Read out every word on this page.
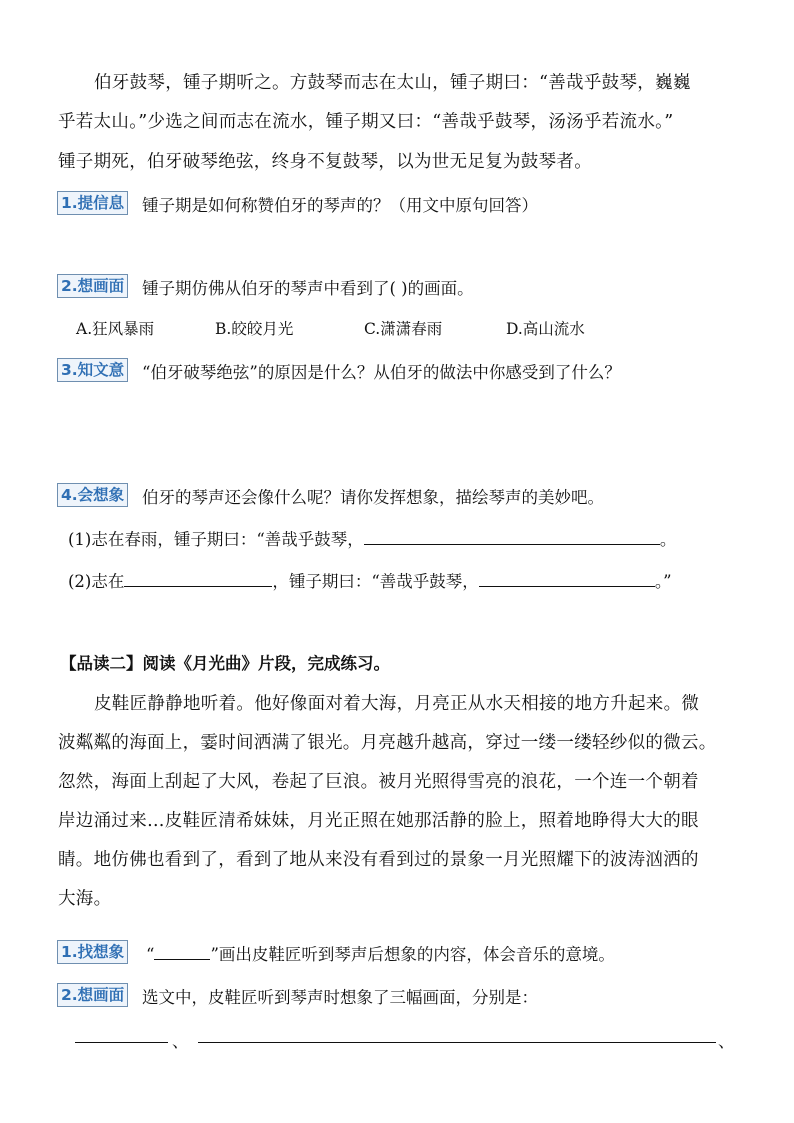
伯牙鼓琴，锺子期听之。方鼓琴而志在太山，锺子期曰：“善哉乎鼓琴，巍巍
乎若太山。”少选之间而志在流水，锺子期又曰：“善哉乎鼓琴，汤汤乎若流水。”
锺子期死，伯牙破琴绝弦，终身不复鼓琴，以为世无足复为鼓琴者。
1.提信息 锺子期是如何称赞伯牙的琴声的？（用文中原句回答）
2.想画面 锺子期仿佛从伯牙的琴声中看到了( )的画面。
A.狂风暴雨	B.皎皎月光	C.潇潇春雨	D.高山流水
3.知文意 “伯牙破琴绝弦”的原因是什么？从伯牙的做法中你感受到了什么？
4.会想象 伯牙的琴声还会像什么呢？请你发挥想象，描绘琴声的美妙吧。
(1)志在春雨，锺子期曰：“善哉乎鼓琴，	。
(2)志在	，锺子期曰：“善哉乎鼓琴，	。”
【品读二】阅读《月光曲》片段，完成练习。
皮鞋匠静静地听着。他好像面对着大海，月亮正从水天相接的地方升起来。微
波粼粼的海面上，霎时间洒满了银光。月亮越升越高，穿过一缕一缕轻纱似的微云。
忽然，海面上刮起了大风，卷起了巨浪。被月光照得雪亮的浪花，一个连一个朝着
岸边涌过来…皮鞋匠清希妹妹，月光正照在她那活静的脸上，照着地睁得大大的眼
睛。地仿佛也看到了，看到了地从来没有看到过的景象一月光照耀下的波涛汹洒的
大海。
1.找想象 “	”画出皮鞋匠听到琴声后想象的内容，体会音乐的意境。
2.想画面 选文中，皮鞋匠听到琴声时想象了三幅画面，分别是：
、	、
